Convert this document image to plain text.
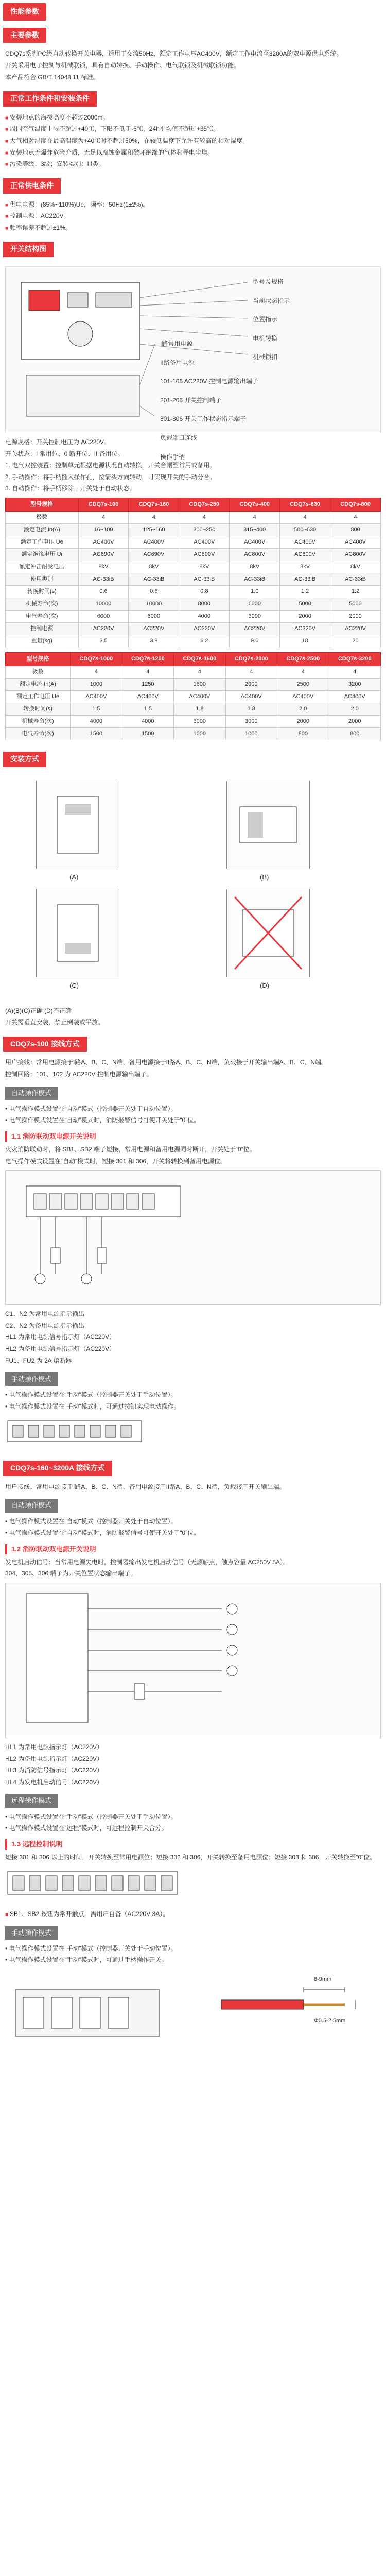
性能参数
主要参数

CDQ7s系列PC级自动转换开关电器，适用于交流50Hz，额定工作电压AC400V，额定工作电流至3200A的双电源供电系统。

开关采用电子控制与机械联锁，具有自动转换、手动操作、电气联锁及机械联锁功能。

本产品符合 GB/T 14048.11 标准。

正常工作条件和安装条件

■ 安装地点的海拔高度不超过2000m。

■ 周围空气温度上限不超过+40℃，下限不低于-5℃，24h平均值不超过+35℃。

■ 大气相对湿度在最高温度为+40℃时不超过50%，在较低温度下允许有较高的相对湿度。

■ 安装地点无爆炸危险介质，无足以腐蚀金属和破坏绝缘的气体和导电尘埃。

■ 污染等级：3级；安装类别：III类。

正常供电条件

■ 供电电源：(85%~110%)Ue，频率：50Hz(1±2%)。

■ 控制电源：AC220V。

■ 频率误差不超过±1%。

开关结构图
型号及规格
当前状态指示
位置指示
电机转换
机械锁扣
I路常用电源
II路备用电源
101-106 AC220V 控制电源输出端子
201-206 开关控制端子
301-306 开关工作状态指示端子
负载端口连线
操作手柄

电源规格：开关控制电压为 AC220V。

开关状态：I 常用位、0 断开位、II 备用位。

1. 电气双控装置：控制单元根据电源状况自动转换，开关合闸至常用或备用。

2. 手动操作：将手柄插入操作孔，按箭头方向转动，可实现开关的手动分合。

3. 自动操作：将手柄移除，开关处于自动状态。

型号规格	CDQ7s-100	CDQ7s-160	CDQ7s-250	CDQ7s-400	CDQ7s-630	CDQ7s-800
极数	4	4	4	4	4	4
额定电流 In(A)	16~100	125~160	200~250	315~400	500~630	800
额定工作电压 Ue	AC400V	AC400V	AC400V	AC400V	AC400V	AC400V
额定绝缘电压 Ui	AC690V	AC690V	AC800V	AC800V	AC800V	AC800V
额定冲击耐受电压	8kV	8kV	8kV	8kV	8kV	8kV
使用类别	AC-33iB	AC-33iB	AC-33iB	AC-33iB	AC-33iB	AC-33iB
转换时间(s)	0.6	0.6	0.8	1.0	1.2	1.2
机械寿命(次)	10000	10000	8000	6000	5000	5000
电气寿命(次)	6000	6000	4000	3000	2000	2000
控制电源	AC220V	AC220V	AC220V	AC220V	AC220V	AC220V
重量(kg)	3.5	3.8	6.2	9.0	18	20
型号规格	CDQ7s-1000	CDQ7s-1250	CDQ7s-1600	CDQ7s-2000	CDQ7s-2500	CDQ7s-3200
极数	4	4	4	4	4	4
额定电流 In(A)	1000	1250	1600	2000	2500	3200
额定工作电压 Ue	AC400V	AC400V	AC400V	AC400V	AC400V	AC400V
转换时间(s)	1.5	1.5	1.8	1.8	2.0	2.0
机械寿命(次)	4000	4000	3000	3000	2000	2000
电气寿命(次)	1500	1500	1000	1000	800	800
安装方式
(A)	(B)
(C)	(D)
(A)(B)(C)正确 (D)不正确
开关需垂直安装，禁止倒装或平放。
CDQ7s-100 接线方式

用户接线：常用电源接于I路A、B、C、N端，备用电源接于II路A、B、C、N端，负载接于开关输出端A、B、C、N端。

控制回路：101、102 为 AC220V 控制电源输出端子。

自动操作模式

• 电气操作模式设置在“自动”模式（控制器开关处于自动位置）。

• 电气操作模式设置在“自动”模式时，消防报警信号可使开关处于“0”位。

1.1 消防联动双电源开关说明

火灾消防联动时，将 SB1、SB2 端子短接，常用电源和备用电源同时断开，开关处于“0”位。

电气操作模式设置在“自动”模式时，短接 301 和 306，开关将转换到备用电源位。

C1、N2 为常用电源指示输出

C2、N2 为备用电源指示输出

HL1 为常用电源信号指示灯（AC220V）

HL2 为备用电源信号指示灯（AC220V）

FU1、FU2 为 2A 熔断器

手动操作模式

• 电气操作模式设置在“手动”模式（控制器开关处于手动位置）。

• 电气操作模式设置在“手动”模式时，可通过按钮实现电动操作。

CDQ7s-160~3200A 接线方式

用户接线：常用电源接于I路A、B、C、N端，备用电源接于II路A、B、C、N端，负载接于开关输出端。

自动操作模式

• 电气操作模式设置在“自动”模式（控制器开关处于自动位置）。

• 电气操作模式设置在“自动”模式时，消防报警信号可使开关处于“0”位。

1.2 消防联动双电源开关说明

发电机启动信号：当常用电源失电时，控制器输出发电机启动信号（无源触点，触点容量 AC250V 5A）。

304、305、306 端子为开关位置状态输出端子。

HL1 为常用电源指示灯（AC220V）

HL2 为备用电源指示灯（AC220V）

HL3 为消防信号指示灯（AC220V）

HL4 为发电机启动信号（AC220V）

远程操作模式

• 电气操作模式设置在“手动”模式（控制器开关处于手动位置）。

• 电气操作模式设置在“远程”模式时，可远程控制开关合分。

1.3 远程控制说明

短接 301 和 306 以上的时间，开关转换至常用电源位；短接 302 和 306，开关转换至备用电源位；短接 303 和 306，开关转换至“0”位。

■ SB1、SB2 按钮为常开触点，需用户自备（AC220V 3A）。

手动操作模式

• 电气操作模式设置在“手动”模式（控制器开关处于手动位置）。

• 电气操作模式设置在“手动”模式时，可通过手柄操作开关。

8-9mm
Φ0.5-2.5mm
